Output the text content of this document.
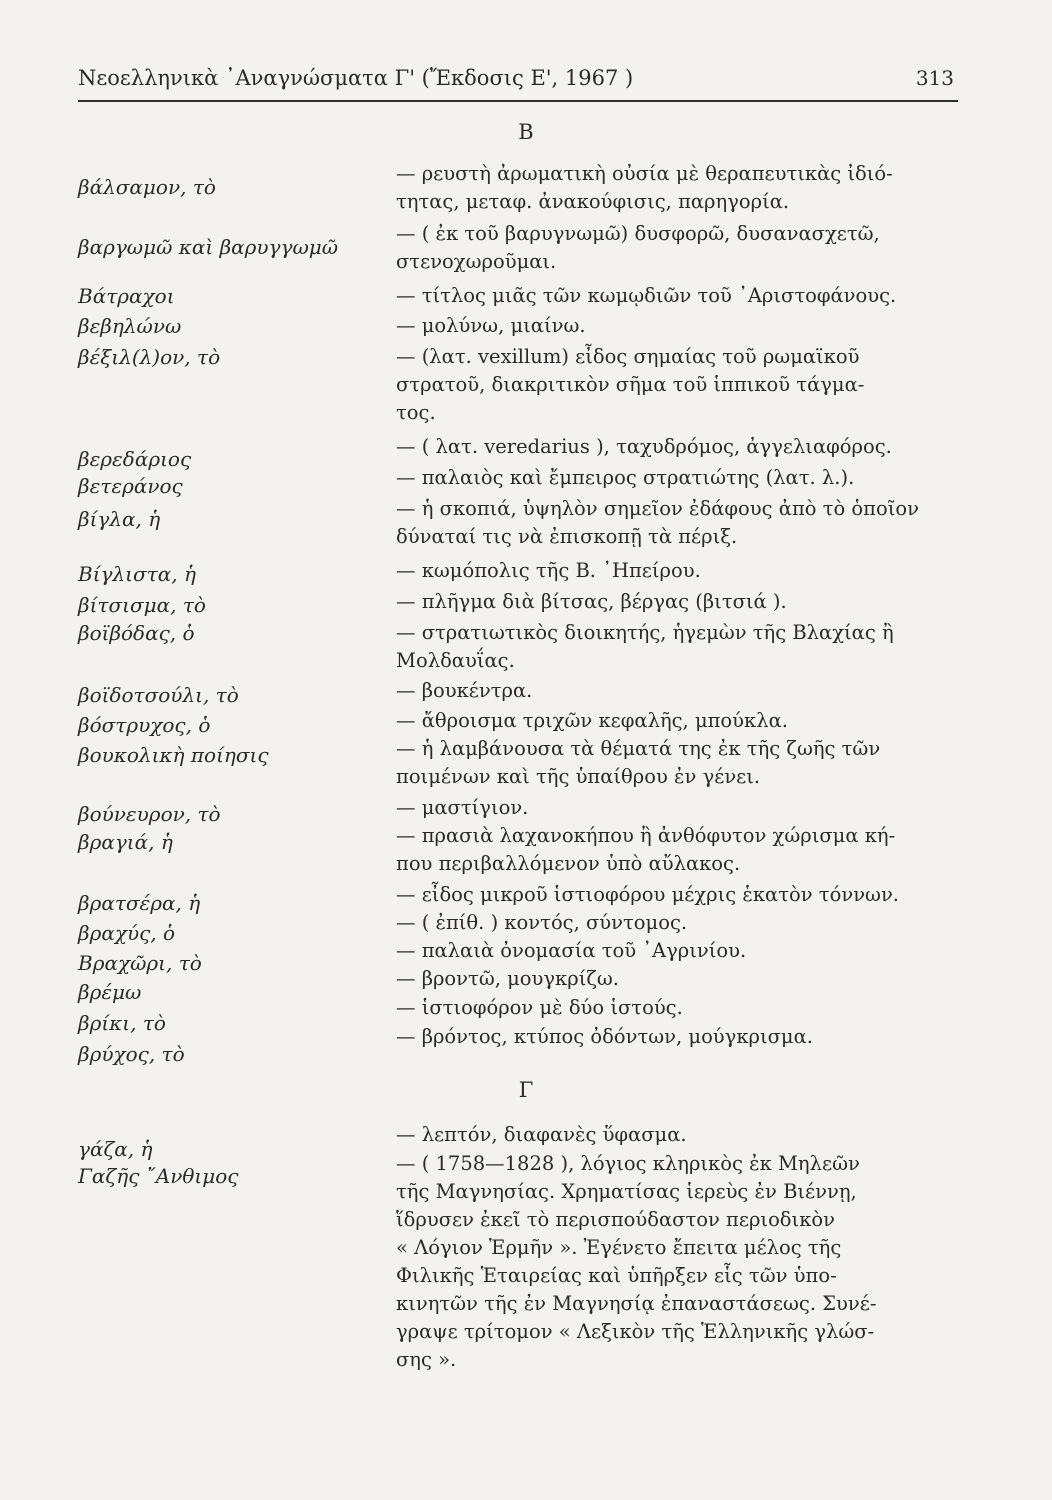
Νεοελληνικὰ ᾿Αναγνώσματα Γ' (Ἔκδοσις Ε', 1967 )	313
Β
βάλσαμον, τὸ
— ρευστὴ ἀρωματικὴ οὐσία μὲ θεραπευτικὰς ἰδιό-
τητας, μεταφ. ἀνακούφισις, παρηγορία.
βαργωμῶ καὶ βαρυγγωμῶ
— ( ἐκ τοῦ βαρυγνωμῶ) δυσφορῶ, δυσανασχετῶ,
στενοχωροῦμαι.
Βάτραχοι	— τίτλος μιᾶς τῶν κωμῳδιῶν τοῦ ᾿Αριστοφάνους.
βεβηλώνω	— μολύνω, μιαίνω.
βέξιλ(λ)ον, τὸ	— (λατ. vexillum) εἶδος σημαίας τοῦ ρωμαϊκοῦ
στρατοῦ, διακριτικὸν σῆμα τοῦ ἱππικοῦ τάγμα-
τος.
βερεδάριος
— ( λατ. veredarius ), ταχυδρόμος, ἀγγελιαφόρος.
βετεράνος	— παλαιὸς καὶ ἔμπειρος στρατιώτης (λατ. λ.).
βίγλα, ἡ	— ἡ σκοπιά, ὑψηλὸν σημεῖον ἐδάφους ἀπὸ τὸ ὁποῖον
δύναταί τις νὰ ἐπισκοπῇ τὰ πέριξ.
Βίγλιστα, ἡ	— κωμόπολις τῆς Β. ᾿Ηπείρου.
βίτσισμα, τὸ	— πλῆγμα διὰ βίτσας, βέργας (βιτσιά ).
βοϊβόδας, ὁ	— στρατιωτικὸς διοικητής, ἡγεμὼν τῆς Βλαχίας ἢ
Μολδαυΐας.
βοϊδοτσούλι, τὸ	— βουκέντρα.
βόστρυχος, ὁ	— ἄθροισμα τριχῶν κεφαλῆς, μπούκλα.
βουκολικὴ ποίησις	— ἡ λαμβάνουσα τὰ θέματά της ἐκ τῆς ζωῆς τῶν
ποιμένων καὶ τῆς ὑπαίθρου ἐν γένει.
βούνευρον, τὸ	— μαστίγιον.
βραγιά, ἡ	— πρασιὰ λαχανοκήπου ἢ ἀνθόφυτον χώρισμα κή-
που περιβαλλόμενον ὑπὸ αὔλακος.
βρατσέρα, ἡ	— εἶδος μικροῦ ἱστιοφόρου μέχρις ἑκατὸν τόννων.
βραχύς, ὁ	— ( ἐπίθ. ) κοντός, σύντομος.
Βραχῶρι, τὸ
— παλαιὰ ὀνομασία τοῦ ᾿Αγρινίου.
βρέμω
— βροντῶ, μουγκρίζω.
βρίκι, τὸ
— ἱστιοφόρον μὲ δύο ἱστούς.
βρύχος, τὸ
— βρόντος, κτύπος ὀδόντων, μούγκρισμα.
Γ
γάζα, ἡ
— λεπτόν, διαφανὲς ὕφασμα.
Γαζῆς ῎Ανθιμος
— ( 1758—1828 ), λόγιος κληρικὸς ἐκ Μηλεῶν
τῆς Μαγνησίας. Χρηματίσας ἱερεὺς ἐν Βιέννῃ,
ἵδρυσεν ἐκεῖ τὸ περισπούδαστον περιοδικὸν
« Λόγιον Ἑρμῆν ». Ἐγένετο ἔπειτα μέλος τῆς
Φιλικῆς Ἑταιρείας καὶ ὑπῆρξεν εἷς τῶν ὑπο-
κινητῶν τῆς ἐν Μαγνησίᾳ ἐπαναστάσεως. Συνέ-
γραψε τρίτομον « Λεξικὸν τῆς Ἑλληνικῆς γλώσ-
σης ».
